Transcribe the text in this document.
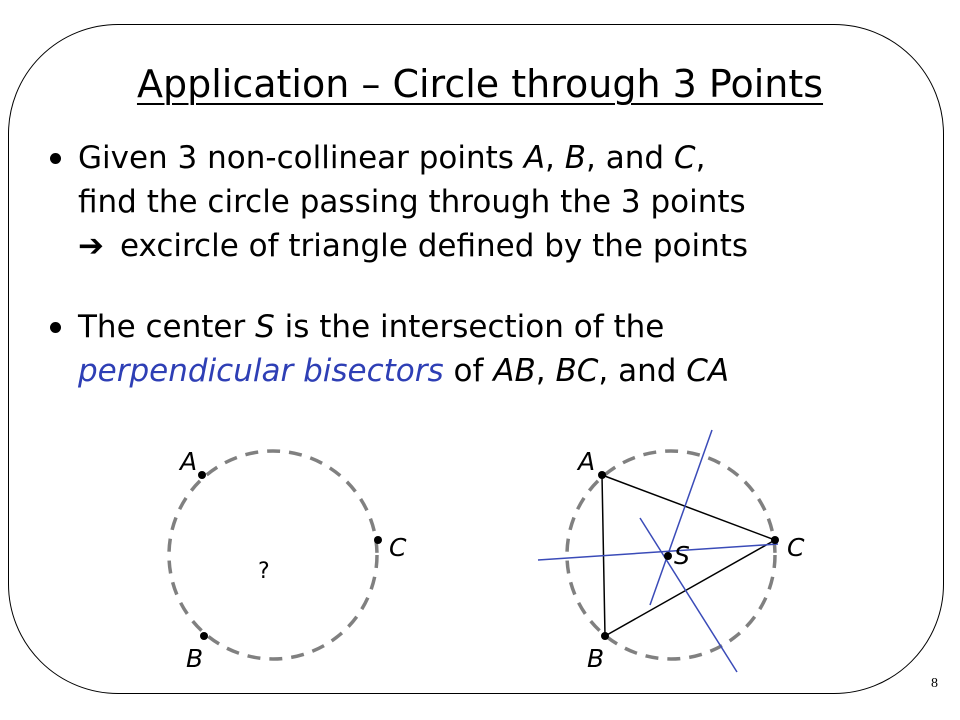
Application – Circle through 3 Points
Given 3 non-collinear points A, B, and C,
find the circle passing through the 3 points
➔ excircle of triangle defined by the points
The center S is the intersection of the
perpendicular bisectors of AB, BC, and CA
A
C
B
?
A
C
B
S
8
